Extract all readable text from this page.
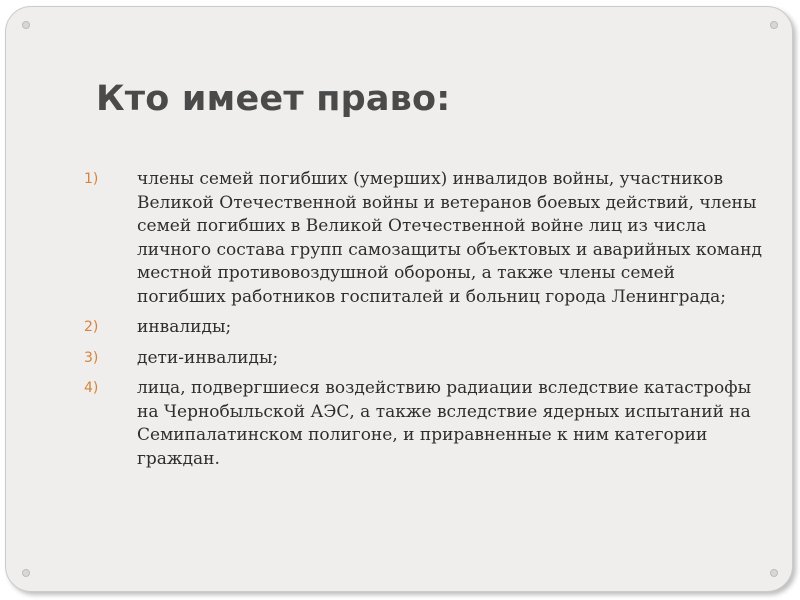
Кто имеет право:
1) члены семей погибших (умерших) инвалидов войны, участников Великой Отечественной войны и ветеранов боевых действий, члены семей погибших в Великой Отечественной войне лиц из числа личного состава групп самозащиты объектовых и аварийных команд местной противовоздушной обороны, а также члены семей погибших работников госпиталей и больниц города Ленинграда;
2) инвалиды;
3) дети-инвалиды;
4) лица, подвергшиеся воздействию радиации вследствие катастрофы на Чернобыльской АЭС, а также вследствие ядерных испытаний на Семипалатинском полигоне, и приравненные к ним категории граждан.
